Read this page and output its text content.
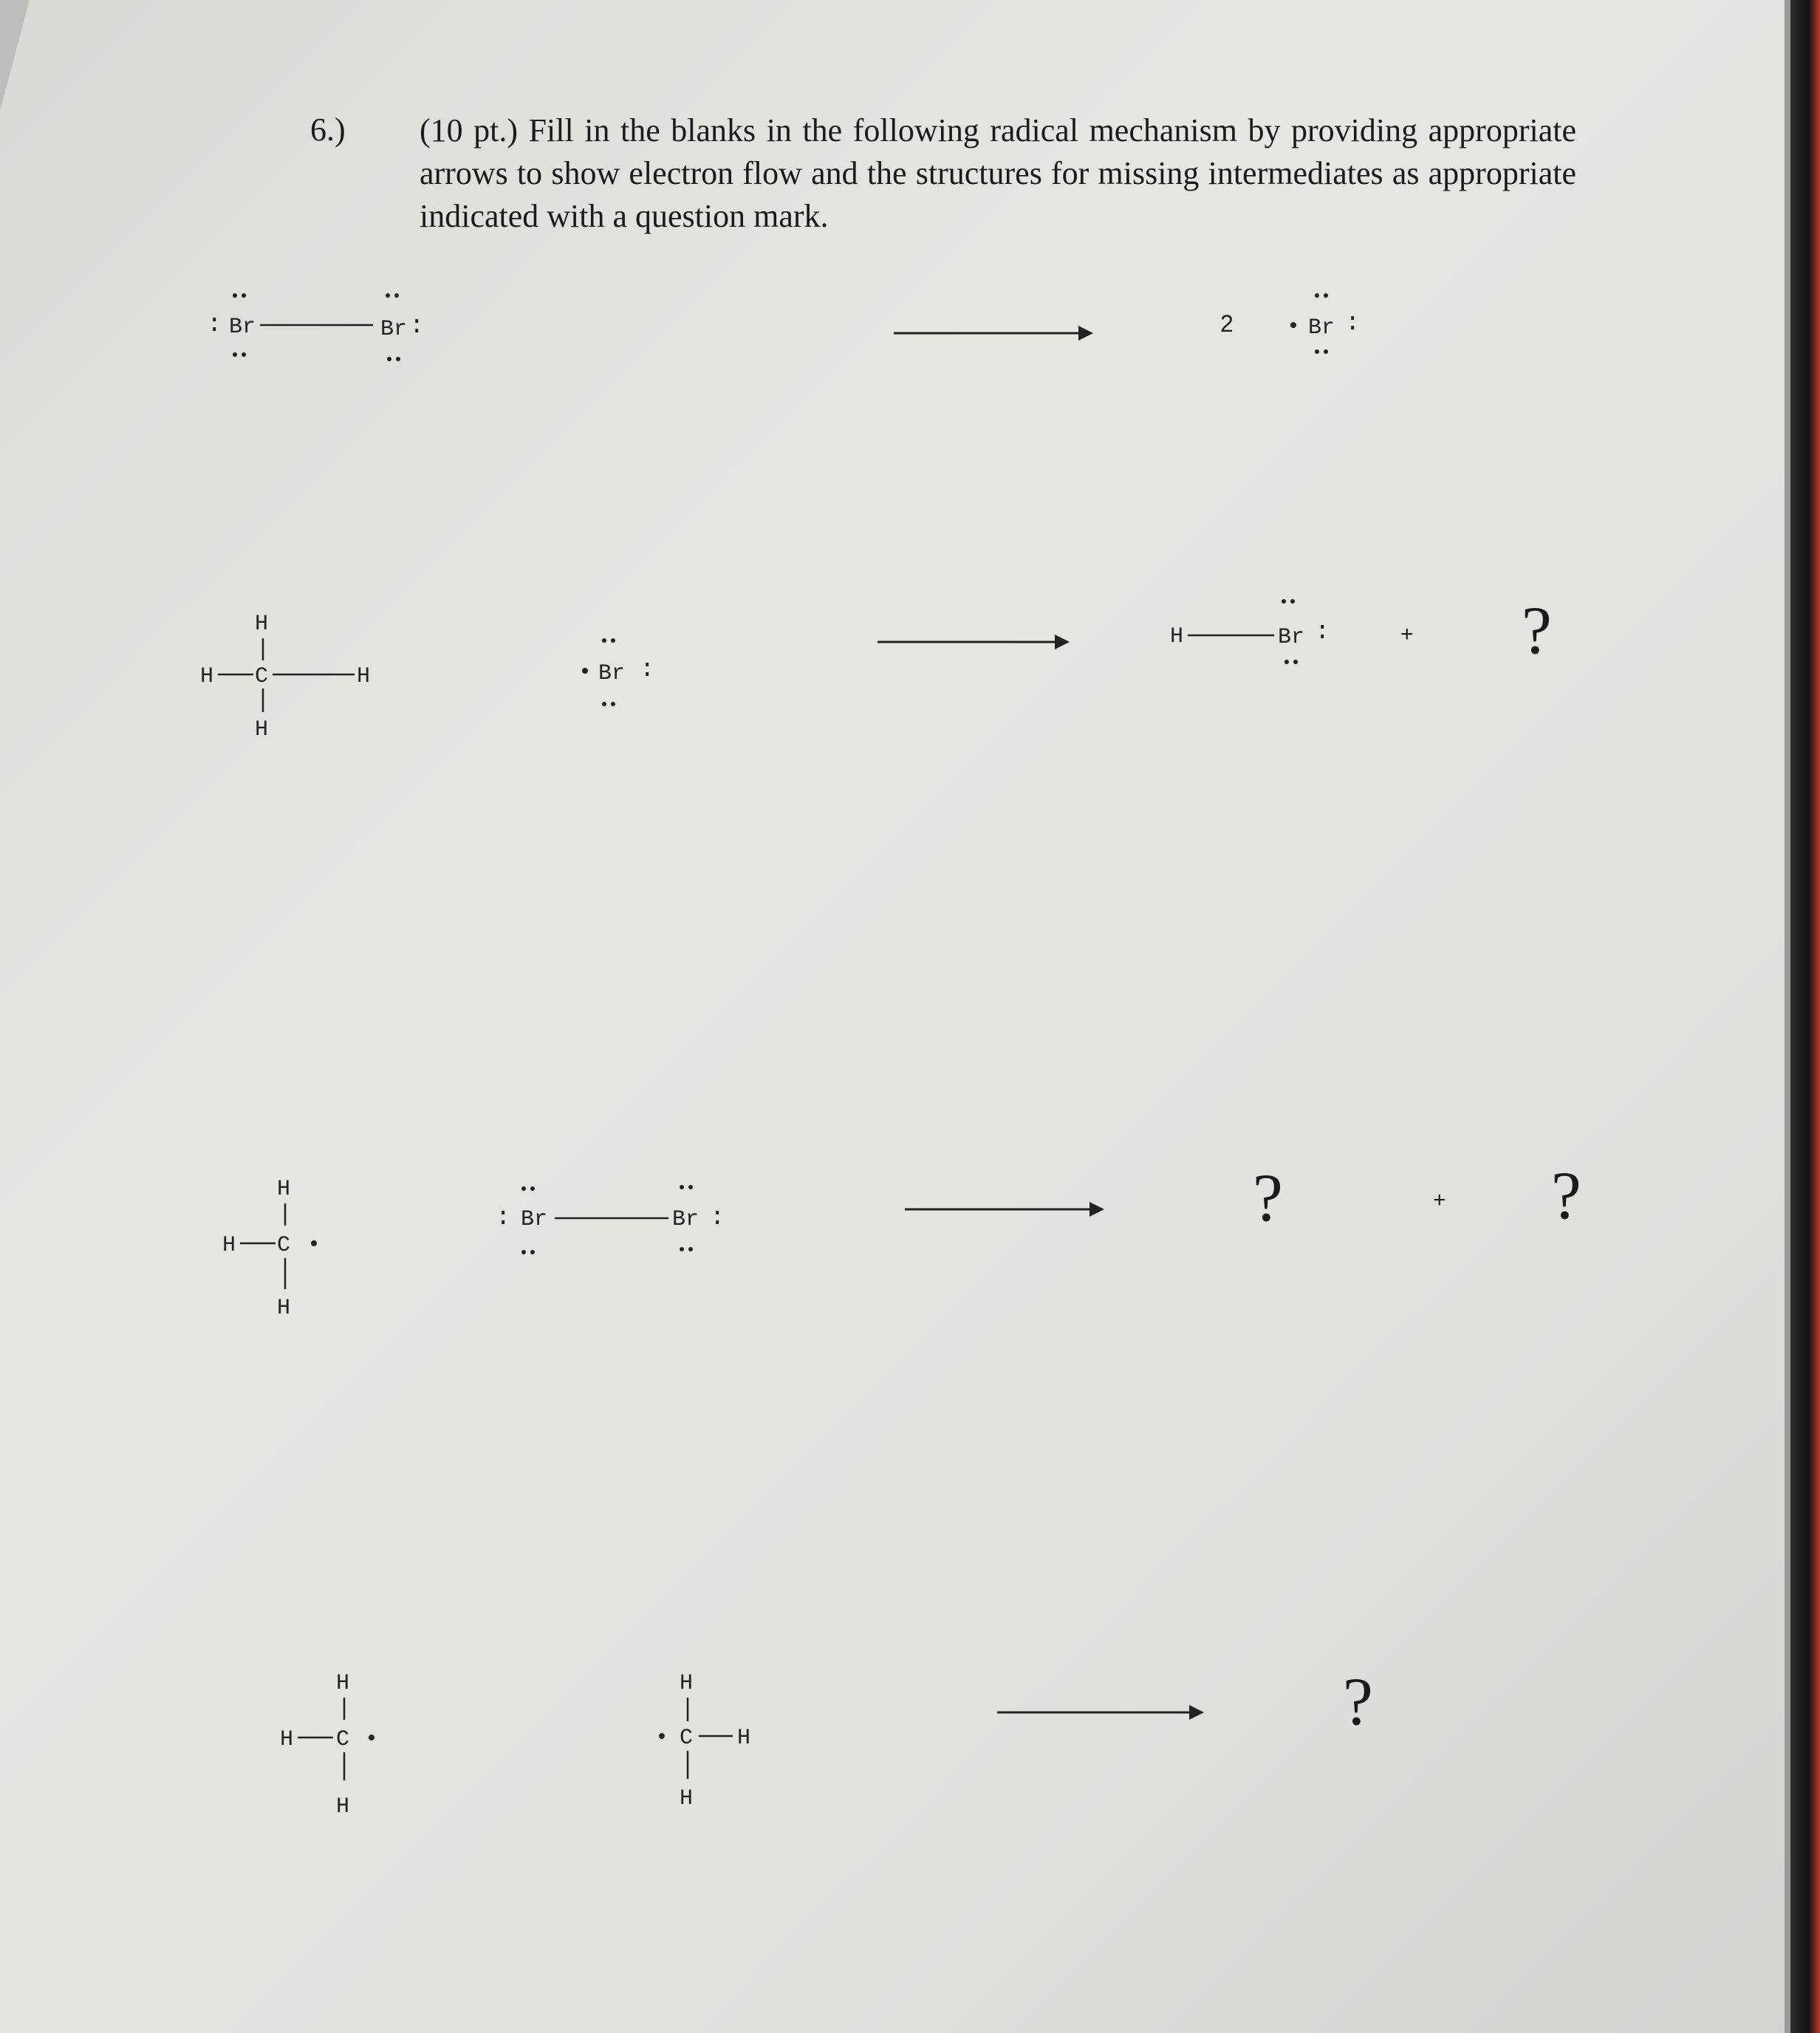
6.) (10 pt.) Fill in the blanks in the following radical mechanism by providing appropriate arrows to show electron flow and the structures for missing intermediates as appropriate indicated with a question mark.
: Br	Br :	2	Br :
H
H C	H
H
Br :
H	Br :	+ ?
H
H C
H
: Br	Br :	?	+ ?
H
H C
H
H
C H
H
?
